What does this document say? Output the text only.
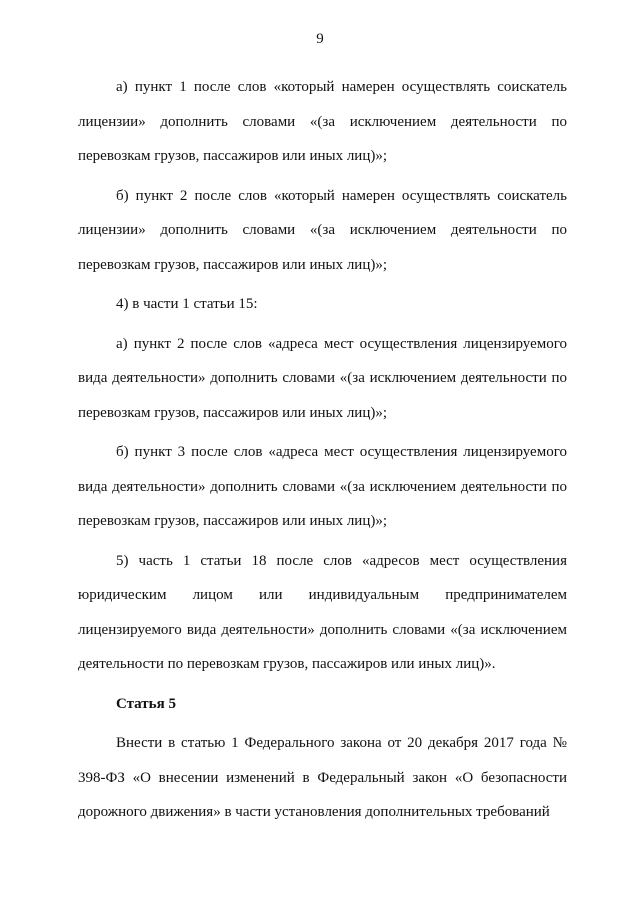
9

а) пункт 1 после слов «который намерен осуществлять соискатель лицензии» дополнить словами «(за исключением деятельности по перевозкам грузов, пассажиров или иных лиц)»;

б) пункт 2 после слов «который намерен осуществлять соискатель лицензии» дополнить словами «(за исключением деятельности по перевозкам грузов, пассажиров или иных лиц)»;

4) в части 1 статьи 15:

а) пункт 2 после слов «адреса мест осуществления лицензируемого вида деятельности» дополнить словами «(за исключением деятельности по перевозкам грузов, пассажиров или иных лиц)»;

б) пункт 3 после слов «адреса мест осуществления лицензируемого вида деятельности» дополнить словами «(за исключением деятельности по перевозкам грузов, пассажиров или иных лиц)»;

5) часть 1 статьи 18 после слов «адресов мест осуществления юридическим лицом или индивидуальным предпринимателем лицензируемого вида деятельности» дополнить словами «(за исключением деятельности по перевозкам грузов, пассажиров или иных лиц)».

Статья 5

Внести в статью 1 Федерального закона от 20 декабря 2017 года № 398-ФЗ «О внесении изменений в Федеральный закон «О безопасности дорожного движения» в части установления дополнительных требований
